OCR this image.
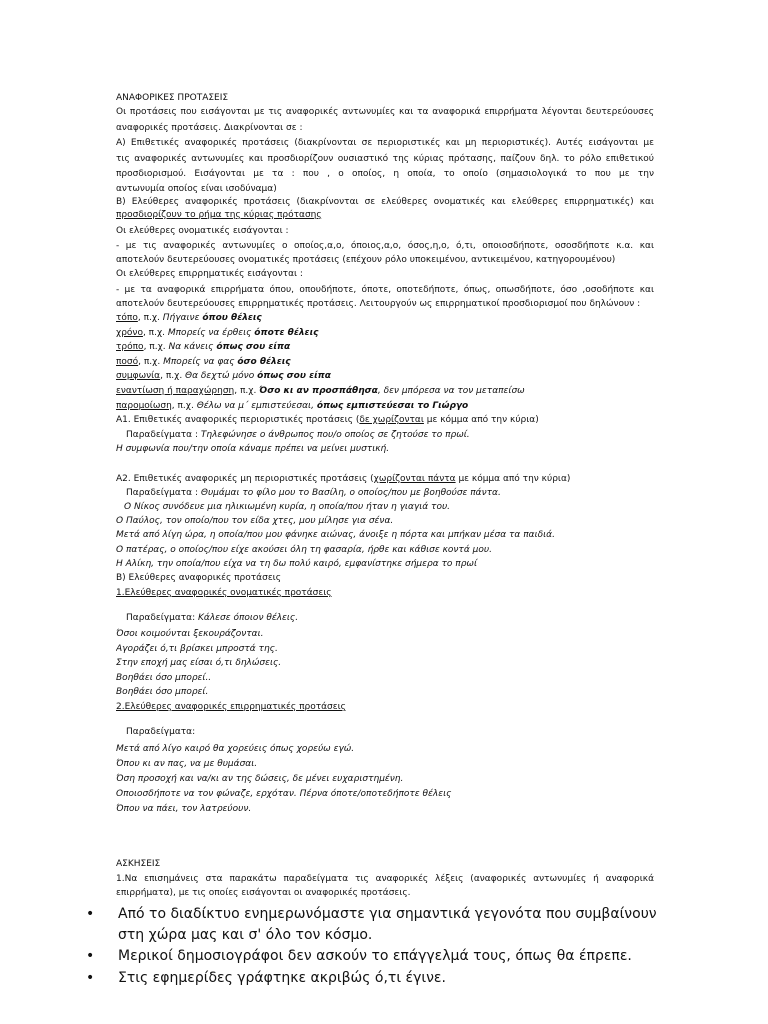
ΑΝΑΦΟΡΙΚΕΣ ΠΡΟΤΑΣΕΙΣ
Οι προτάσεις που εισάγονται με τις αναφορικές αντωνυμίες και τα αναφορικά επιρρήματα λέγονται δευτερεύουσες
αναφορικές προτάσεις. Διακρίνονται σε :
Α) Επιθετικές αναφορικές προτάσεις (διακρίνονται σε περιοριστικές και μη περιοριστικές). Αυτές εισάγονται με
τις αναφορικές αντωνυμίες και προσδιορίζουν ουσιαστικό της κύριας πρότασης, παίζουν δηλ. το ρόλο επιθετικού
προσδιορισμού. Εισάγονται με τα : που , ο οποίος, η οποία, το οποίο (σημασιολογικά το που με την
αντωνυμία οποίος είναι ισοδύναμα)
Β) Ελεύθερες αναφορικές προτάσεις (διακρίνονται σε ελεύθερες ονοματικές και ελεύθερες επιρρηματικές) και
προσδιορίζουν το ρήμα της κύριας πρότασης
Οι ελεύθερες ονοματικές εισάγονται :
- με τις αναφορικές αντωνυμίες ο οποίος,α,ο, όποιος,α,ο, όσος,η,ο, ό,τι, οποιοσδήποτε, οσοσδήποτε κ.α. και
αποτελούν δευτερεύουσες ονοματικές προτάσεις (επέχουν ρόλο υποκειμένου, αντικειμένου, κατηγορουμένου)
Οι ελεύθερες επιρρηματικές εισάγονται :
- με τα αναφορικά επιρρήματα όπου, οπουδήποτε, όποτε, οποτεδήποτε, όπως, οπωσδήποτε, όσο ,οσοδήποτε και
αποτελούν δευτερεύουσες επιρρηματικές προτάσεις. Λειτουργούν ως επιρρηματικοί προσδιορισμοί που δηλώνουν :
τόπο, π.χ. Πήγαινε όπου θέλεις
χρόνο, π.χ. Μπορείς να έρθεις όποτε θέλεις
τρόπο, π.χ. Να κάνεις όπως σου είπα
ποσό, π.χ. Μπορείς να φας όσο θέλεις
συμφωνία, π.χ. Θα δεχτώ μόνο όπως σου είπα
εναντίωση ή παραχώρηση, π.χ. Όσο κι αν προσπάθησα, δεν μπόρεσα να τον μεταπείσω
παρομοίωση, π.χ. Θέλω να μ΄ εμπιστεύεσαι, όπως εμπιστεύεσαι το Γιώργο
Α1. Επιθετικές αναφορικές περιοριστικές προτάσεις (δε χωρίζονται με κόμμα από την κύρια)
Παραδείγματα : Τηλεφώνησε ο άνθρωπος που/ο οποίος σε ζητούσε το πρωί.
Η συμφωνία που/την οποία κάναμε πρέπει να μείνει μυστική.
Α2. Επιθετικές αναφορικές μη περιοριστικές προτάσεις (χωρίζονται πάντα με κόμμα από την κύρια)
Παραδείγματα : Θυμάμαι το φίλο μου το Βασίλη, ο οποίος/που με βοηθούσε πάντα.
Ο Νίκος συνόδευε μια ηλικιωμένη κυρία, η οποία/που ήταν η γιαγιά του.
Ο Παύλος, τον οποίο/που τον είδα χτες, μου μίλησε για σένα.
Μετά από λίγη ώρα, η οποία/που μου φάνηκε αιώνας, άνοιξε η πόρτα και μπήκαν μέσα τα παιδιά.
Ο πατέρας, ο οποίος/που είχε ακούσει όλη τη φασαρία, ήρθε και κάθισε κοντά μου.
Η Αλίκη, την οποία/που είχα να τη δω πολύ καιρό, εμφανίστηκε σήμερα το πρωί
Β) Ελεύθερες αναφορικές προτάσεις
1.Ελεύθερες αναφορικές ονοματικές προτάσεις
Παραδείγματα: Κάλεσε όποιον θέλεις.
Όσοι κοιμούνται ξεκουράζονται.
Αγοράζει ό,τι βρίσκει μπροστά της.
Στην εποχή μας είσαι ό,τι δηλώσεις.
Βοηθάει όσο μπορεί..
Βοηθάει όσο μπορεί.
2.Ελεύθερες αναφορικές επιρρηματικές προτάσεις
Παραδείγματα:
Μετά από λίγο καιρό θα χορεύεις όπως χορεύω εγώ.
Όπου κι αν πας, να με θυμάσαι.
Όση προσοχή και να/κι αν της δώσεις, δε μένει ευχαριστημένη.
Οποιοσδήποτε να τον φώναζε, ερχόταν. Πέρνα όποτε/οποτεδήποτε θέλεις
Όπου να πάει, τον λατρεύουν.
ΑΣΚΗΣΕΙΣ
1.Να επισημάνεις στα παρακάτω παραδείγματα τις αναφορικές λέξεις (αναφορικές αντωνυμίες ή αναφορικά
επιρρήματα), με τις οποίες εισάγονται οι αναφορικές προτάσεις.
• Από το διαδίκτυο ενημερωνόμαστε για σημαντικά γεγονότα που συμβαίνουν
στη χώρα μας και σ' όλο τον κόσμο.
• Μερικοί δημοσιογράφοι δεν ασκούν το επάγγελμά τους, όπως θα έπρεπε.
• Στις εφημερίδες γράφτηκε ακριβώς ό,τι έγινε.
